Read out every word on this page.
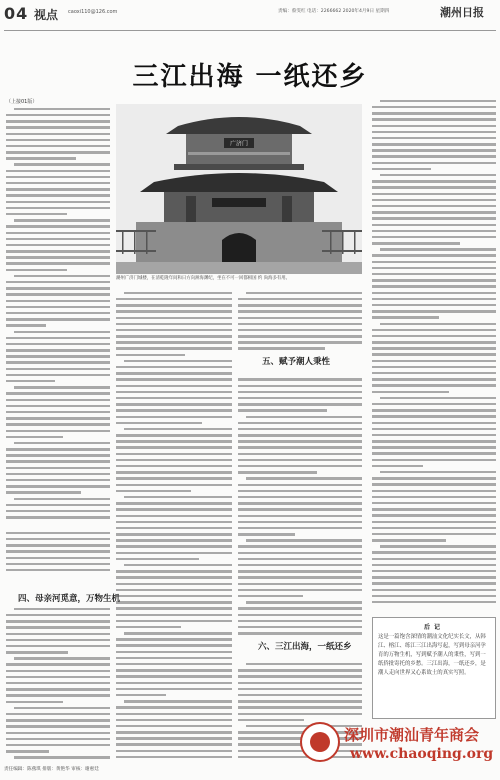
04 视点 caoxi110@126.com	责编：蔡雯红 电话：2266662 2020年4月9日 星期四	潮州日报
三江出海 一纸还乡
广济门
潮州广济门城楼，在清乾隆年间和日方向洲海渊纪，坐在不可一回都相国 约 尚海多有用。
（上接01版）
四、母亲河觅意，万物生机
五、赋予潮人秉性
六、三江出海，一纸还乡
后记
这是一篇饱含深情的潮汕文化纪实长文，从韩江、榕江、练江三江出海写起，写到母亲河孕育的万物生机，写到赋予潮人的秉性，写到一纸侨批寄托的乡愁。三江出海，一纸还乡，是潮人走向世界又心系故土的真实写照。
深圳市潮汕青年商会
www.chaoqing.org
责任编辑：陈燕琪 排版：黄艳华 审核：谢惠廷
